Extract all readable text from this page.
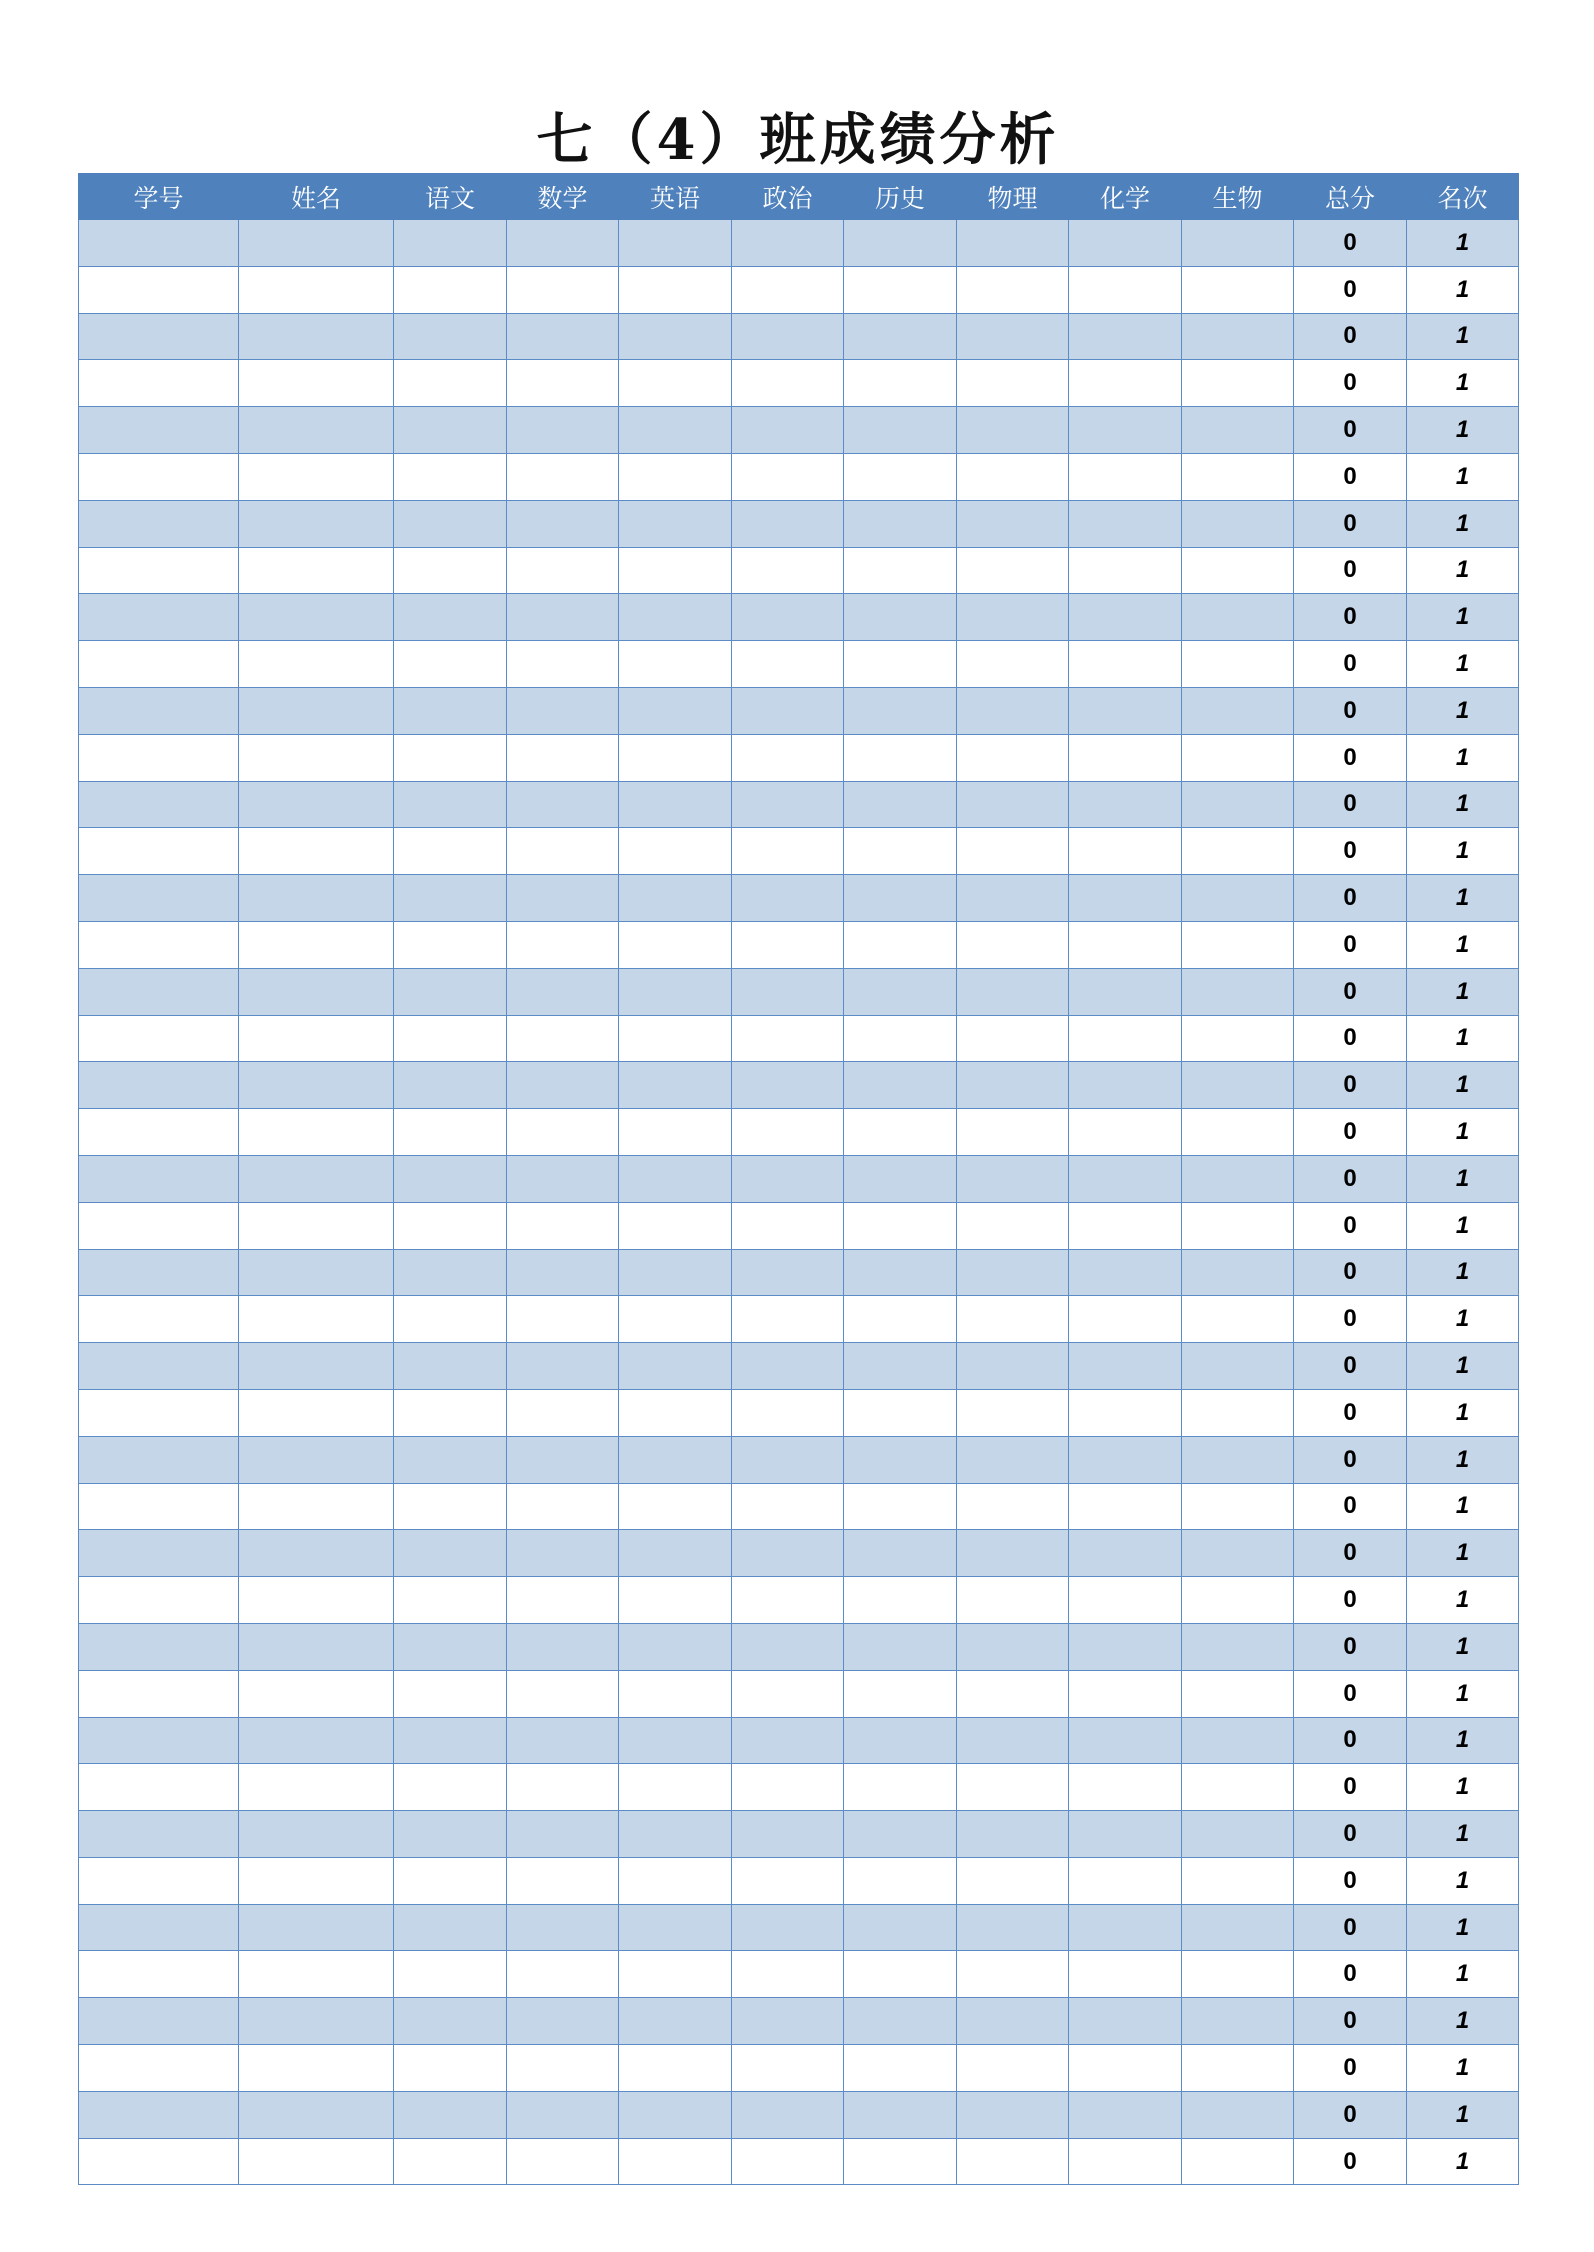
七（4）班成绩分析
学号	姓名	语文	数学	英语	政治	历史	物理	化学	生物	总分	名次
										0	1
										0	1
										0	1
										0	1
										0	1
										0	1
										0	1
										0	1
										0	1
										0	1
										0	1
										0	1
										0	1
										0	1
										0	1
										0	1
										0	1
										0	1
										0	1
										0	1
										0	1
										0	1
										0	1
										0	1
										0	1
										0	1
										0	1
										0	1
										0	1
										0	1
										0	1
										0	1
										0	1
										0	1
										0	1
										0	1
										0	1
										0	1
										0	1
										0	1
										0	1
										0	1
